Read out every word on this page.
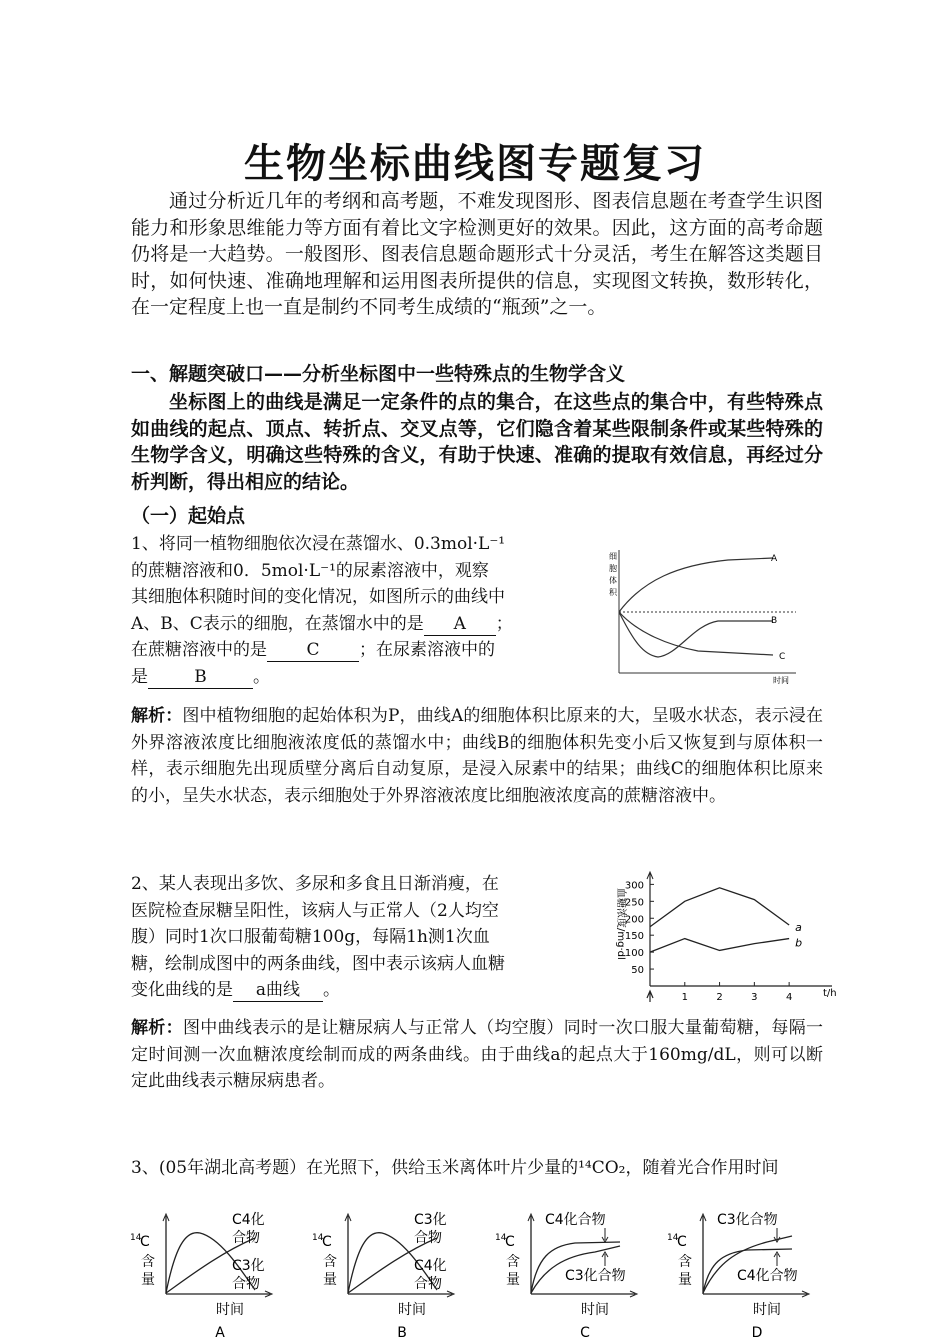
生物坐标曲线图专题复习

通过分析近几年的考纲和高考题，不难发现图形、图表信息题在考查学生识图能力和形象思维能力等方面有着比文字检测更好的效果。因此，这方面的高考命题仍将是一大趋势。一般图形、图表信息题命题形式十分灵活，考生在解答这类题目时，如何快速、准确地理解和运用图表所提供的信息，实现图文转换，数形转化，在一定程度上也一直是制约不同考生成绩的“瓶颈”之一。

一、解题突破口——分析坐标图中一些特殊点的生物学含义

坐标图上的曲线是满足一定条件的点的集合，在这些点的集合中，有些特殊点如曲线的起点、顶点、转折点、交叉点等，它们隐含着某些限制条件或某些特殊的生物学含义，明确这些特殊的含义，有助于快速、准确的提取有效信息，再经过分析判断，得出相应的结论。

（一）起始点
1、将同一植物细胞依次浸在蒸馏水、0.3mol·L⁻¹
的蔗糖溶液和0．5mol·L⁻¹的尿素溶液中，观察
其细胞体积随时间的变化情况，如图所示的曲线中
A、B、C表示的细胞，在蒸馏水中的是 A ；
在蔗糖溶液中的是 C ；在尿素溶液中的
是	B	。
细
胞
体
积
A
B
C
时间

解析：图中植物细胞的起始体积为P，曲线A的细胞体积比原来的大，呈吸水状态，表示浸在外界溶液浓度比细胞液浓度低的蒸馏水中；曲线B的细胞体积先变小后又恢复到与原体积一样，表示细胞先出现质壁分离后自动复原，是浸入尿素中的结果；曲线C的细胞体积比原来的小，呈失水状态，表示细胞处于外界溶液浓度比细胞液浓度高的蔗糖溶液中。

2、某人表现出多饮、多尿和多食且日渐消瘦，在
医院检查尿糖呈阳性，该病人与正常人（2人均空
腹）同时1次口服葡萄糖100g，每隔1h测1次血
糖，绘制成图中的两条曲线，图中表示该病人血糖
变化曲线的是 a曲线 。
血糖浓度/mg·dl
50
100
150
200
250
300
1	2	3	4
a
b
t/h

解析：图中曲线表示的是让糖尿病人与正常人（均空腹）同时一次口服大量葡萄糖，每隔一定时间测一次血糖浓度绘制而成的两条曲线。由于曲线a的起点大于160mg/dL，则可以断定此曲线表示糖尿病患者。

3、(05年湖北高考题）在光照下，供给玉米离体叶片少量的¹⁴CO₂，随着光合作用时间
14
C
含
量
时间
A
C4化
合物
C3化
合物
14
C
含
量
时间
B
C3化
合物
C4化
合物
14
C
含
量
时间
C
C4化合物
C3化合物
14
C
含
量
时间
D
C3化合物
C4化合物
